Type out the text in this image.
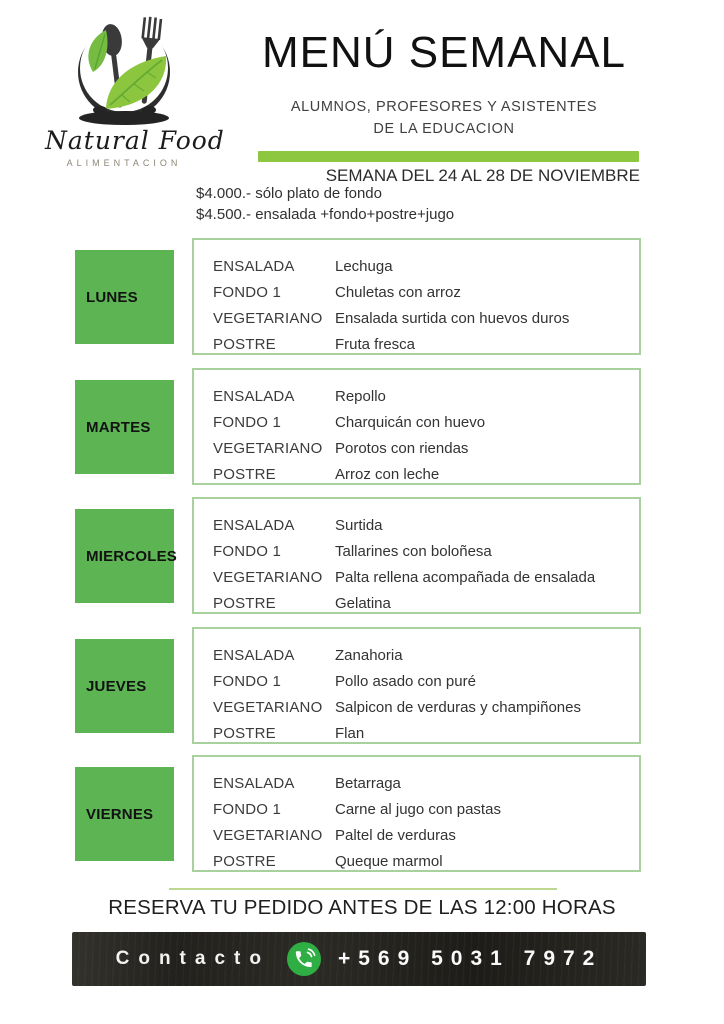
Natural Food
ALIMENTACION
MENÚ SEMANAL
ALUMNOS, PROFESORES Y ASISTENTES
DE LA EDUCACION
SEMANA DEL 24 AL 28 DE NOVIEMBRE
$4.000.- sólo plato de fondo
$4.500.- ensalada +fondo+postre+jugo
LUNES
ENSALADA	Lechuga
FONDO 1	Chuletas con arroz
VEGETARIANO Ensalada surtida con huevos duros
POSTRE	Fruta fresca
MARTES
ENSALADA	Repollo
FONDO 1	Charquicán con huevo
VEGETARIANO Porotos con riendas
POSTRE	Arroz con leche
MIERCOLES
ENSALADA	Surtida
FONDO 1	Tallarines con boloñesa
VEGETARIANO Palta rellena acompañada de ensalada
POSTRE	Gelatina
JUEVES
ENSALADA	Zanahoria
FONDO 1	Pollo asado con puré
VEGETARIANO Salpicon de verduras y champiñones
POSTRE	Flan
VIERNES
ENSALADA	Betarraga
FONDO 1	Carne al jugo con pastas
VEGETARIANO Paltel de verduras
POSTRE	Queque marmol
RESERVA TU PEDIDO ANTES DE LAS 12:00 HORAS
Contacto	+569 5031 7972
